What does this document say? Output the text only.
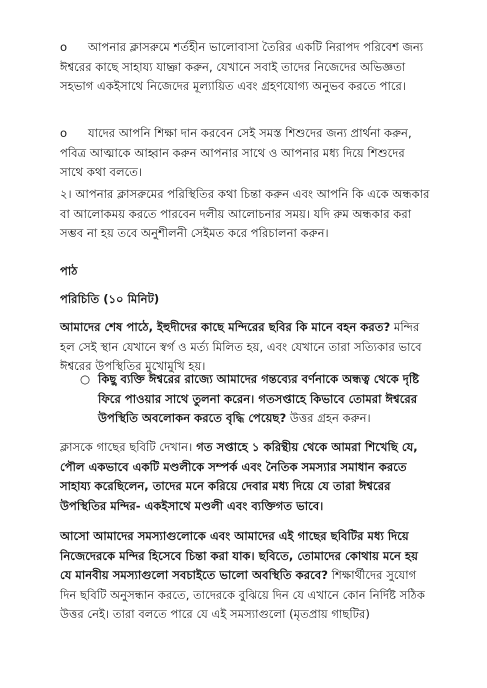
o	আপনার ক্লাসরুমে শর্তহীন ভালোবাসা তৈরির একটি নিরাপদ পরিবেশ জন্য ঈশ্বরের কাছে সাহায্য যাচ্ঞা করুন, যেখানে সবাই তাদের নিজেদের অভিজ্ঞতা সহভাগ একইসাথে নিজেদের মূল্যায়িত এবং গ্রহণযোগ্য অনুভব করতে পারে।
o	যাদের আপনি শিক্ষা দান করবেন সেই সমস্ত শিশুদের জন্য প্রার্থনা করুন, পবিত্র আত্মাকে আহ্বান করুন আপনার সাথে ও আপনার মধ্য দিয়ে শিশুদের সাথে কথা বলতে।
২। আপনার ক্লাসরুমের পরিস্থিতির কথা চিন্তা করুন এবং আপনি কি একে অন্ধকার বা আলোকময় করতে পারবেন দলীয় আলোচনার সময়। যদি রুম অন্ধকার করা সম্ভব না হয় তবে অনুশীলনী সেইমত করে পরিচালনা করুন।
পাঠ
পরিচিতি (১০ মিনিট)
আমাদের শেষ পাঠে, ইহুদীদের কাছে মন্দিরের ছবির কি মানে বহন করত? মন্দির হল সেই স্থান যেখানে স্বর্গ ও মর্ত্য মিলিত হয়, এবং যেখানে তারা সত্যিকার ভাবে ঈশ্বরের উপস্থিতির মুখোমুখি হয়।
○ কিছু ব্যক্তি ঈশ্বরের রাজ্যে আমাদের গন্তব্যের বর্ণনাকে অন্ধত্ব থেকে দৃষ্টি ফিরে পাওয়ার সাথে তুলনা করেন। গতসপ্তাহে কিভাবে তোমরা ঈশ্বরের উপস্থিতি অবলোকন করতে বৃদ্ধি পেয়েছ? উত্তর গ্রহন করুন।
ক্লাসকে গাছের ছবিটি দেখান। গত সপ্তাহে ১ করিন্থীয় থেকে আমরা শিখেছি যে, পৌল একভাবে একটি মণ্ডলীকে সম্পর্ক এবং নৈতিক সমস্যার সমাধান করতে সাহায্য করেছিলেন, তাদের মনে করিয়ে দেবার মধ্য দিয়ে যে তারা ঈশ্বরের উপস্থিতির মন্দির- একইসাথে মণ্ডলী এবং ব্যক্তিগত ভাবে।
আসো আমাদের সমস্যাগুলোকে এবং আমাদের এই গাছের ছবিটির মধ্য দিয়ে নিজেদেরকে মন্দির হিসেবে চিন্তা করা যাক। ছবিতে, তোমাদের কোথায় মনে হয় যে মানবীয় সমস্যাগুলো সবচাইতে ভালো অবস্থিতি করবে? শিক্ষার্থীদের সুযোগ দিন ছবিটি অনুসন্ধান করতে, তাদেরকে বুঝিয়ে দিন যে এখানে কোন নির্দিষ্ট সঠিক উত্তর নেই। তারা বলতে পারে যে এই সমস্যাগুলো (মৃতপ্রায় গাছটির)
